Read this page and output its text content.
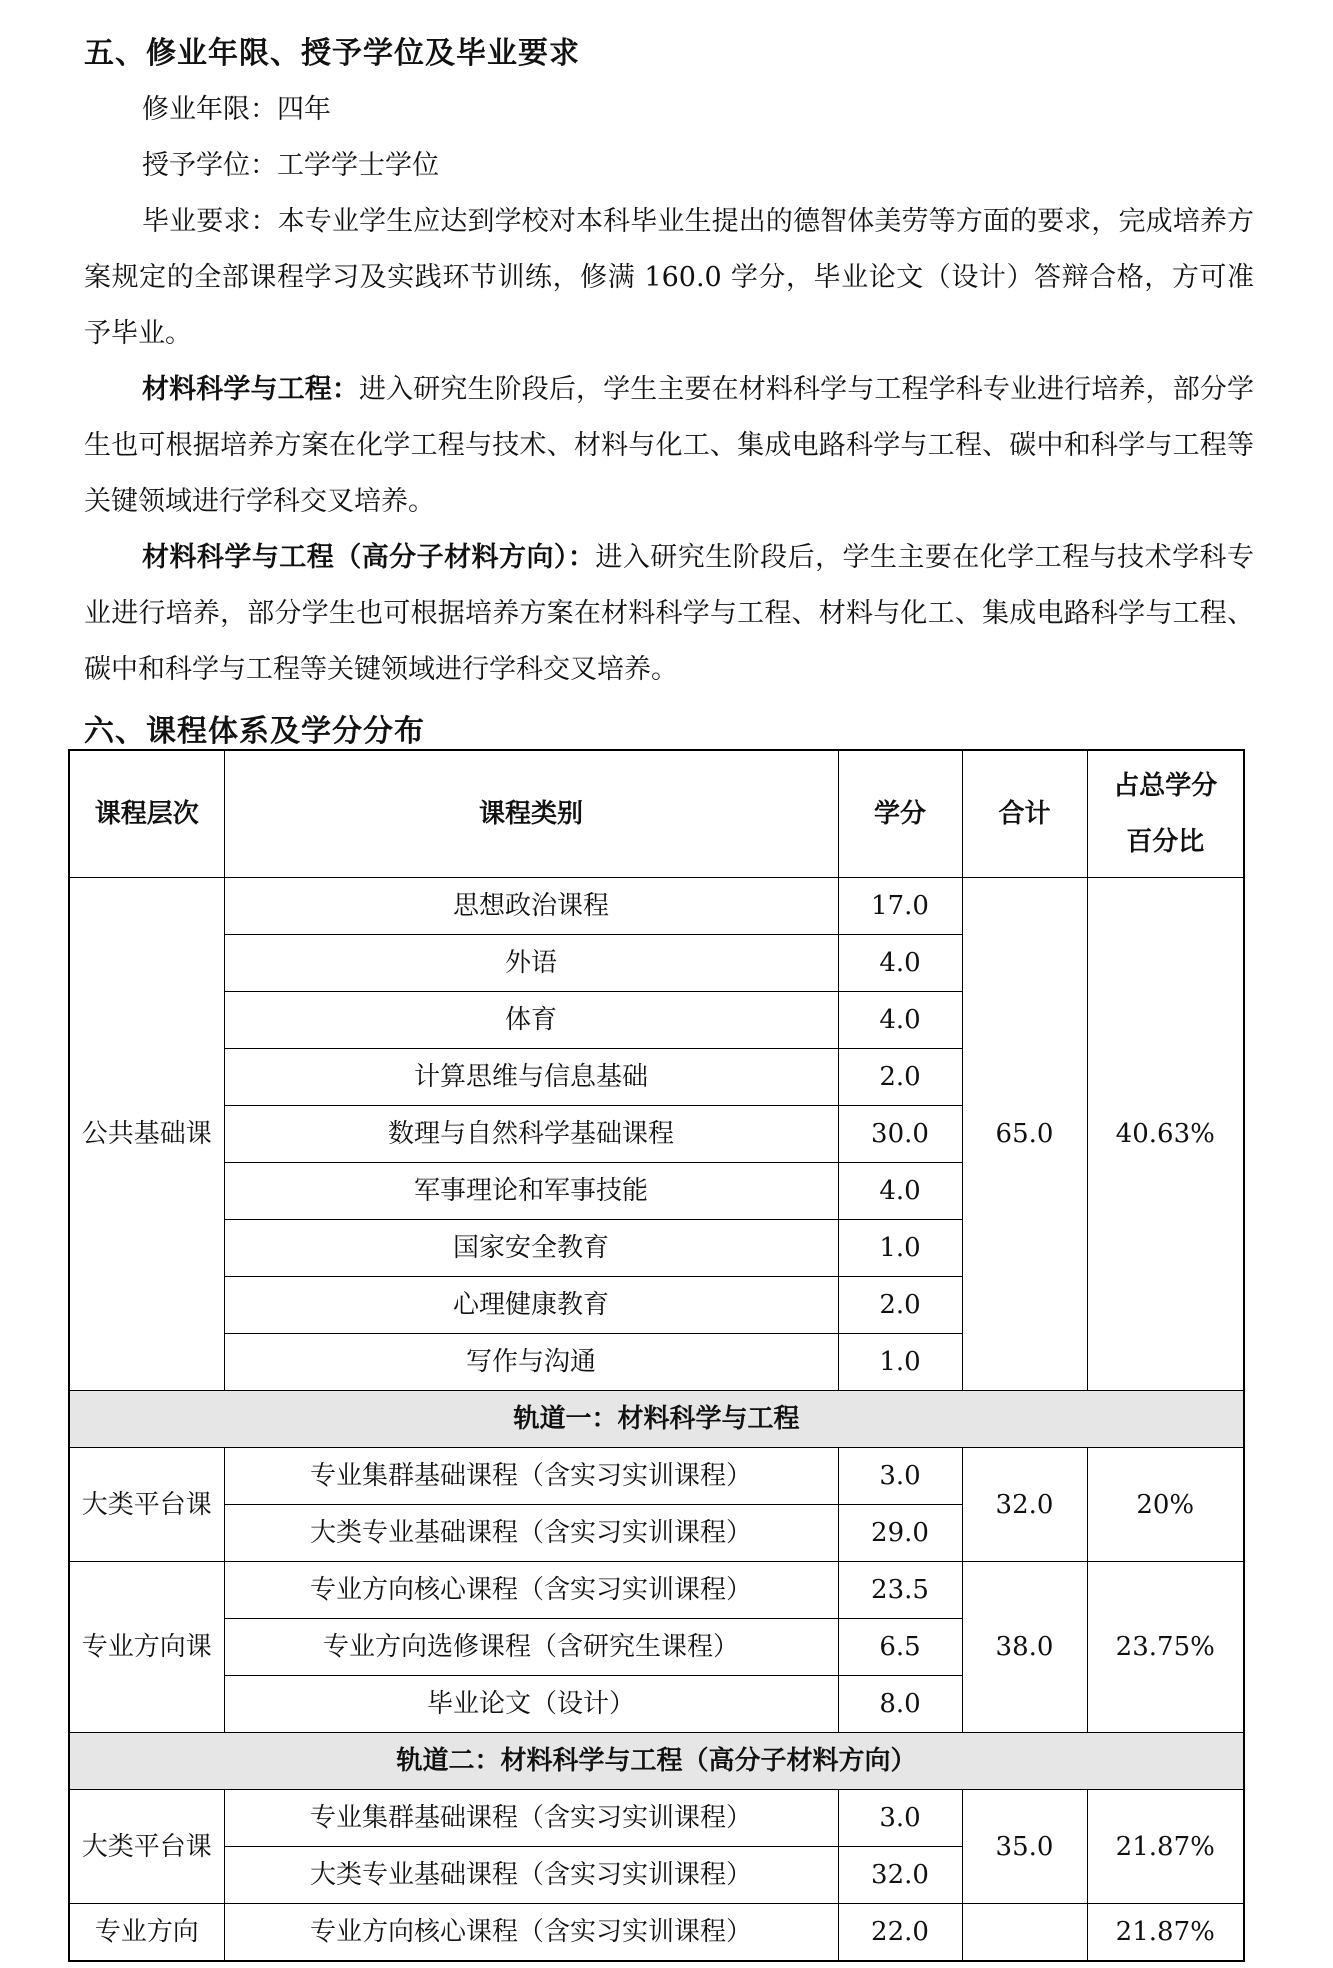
五、修业年限、授予学位及毕业要求

修业年限：四年

授予学位：工学学士学位

毕业要求：本专业学生应达到学校对本科毕业生提出的德智体美劳等方面的要求，完成培养方案规定的全部课程学习及实践环节训练，修满 160.0 学分，毕业论文（设计）答辩合格，方可准予毕业。

材料科学与工程：进入研究生阶段后，学生主要在材料科学与工程学科专业进行培养，部分学生也可根据培养方案在化学工程与技术、材料与化工、集成电路科学与工程、碳中和科学与工程等关键领域进行学科交叉培养。

材料科学与工程（高分子材料方向）：进入研究生阶段后，学生主要在化学工程与技术学科专业进行培养，部分学生也可根据培养方案在材料科学与工程、材料与化工、集成电路科学与工程、碳中和科学与工程等关键领域进行学科交叉培养。

六、课程体系及学分分布
课程层次	课程类别	学分	合计	占总学分
百分比
公共基础课	思想政治课程	17.0	65.0	40.63%
	外语	4.0		
	体育	4.0		
	计算思维与信息基础	2.0		
	数理与自然科学基础课程	30.0		
	军事理论和军事技能	4.0		
	国家安全教育	1.0		
	心理健康教育	2.0		
	写作与沟通	1.0		
轨道一：材料科学与工程				
大类平台课	专业集群基础课程（含实习实训课程）	3.0	32.0	20%
	大类专业基础课程（含实习实训课程）	29.0		
专业方向课	专业方向核心课程（含实习实训课程）	23.5	38.0	23.75%
	专业方向选修课程（含研究生课程）	6.5		
	毕业论文（设计）	8.0		
轨道二：材料科学与工程（高分子材料方向）				
大类平台课	专业集群基础课程（含实习实训课程）	3.0	35.0	21.87%
	大类专业基础课程（含实习实训课程）	32.0		
专业方向	专业方向核心课程（含实习实训课程）	22.0		21.87%
